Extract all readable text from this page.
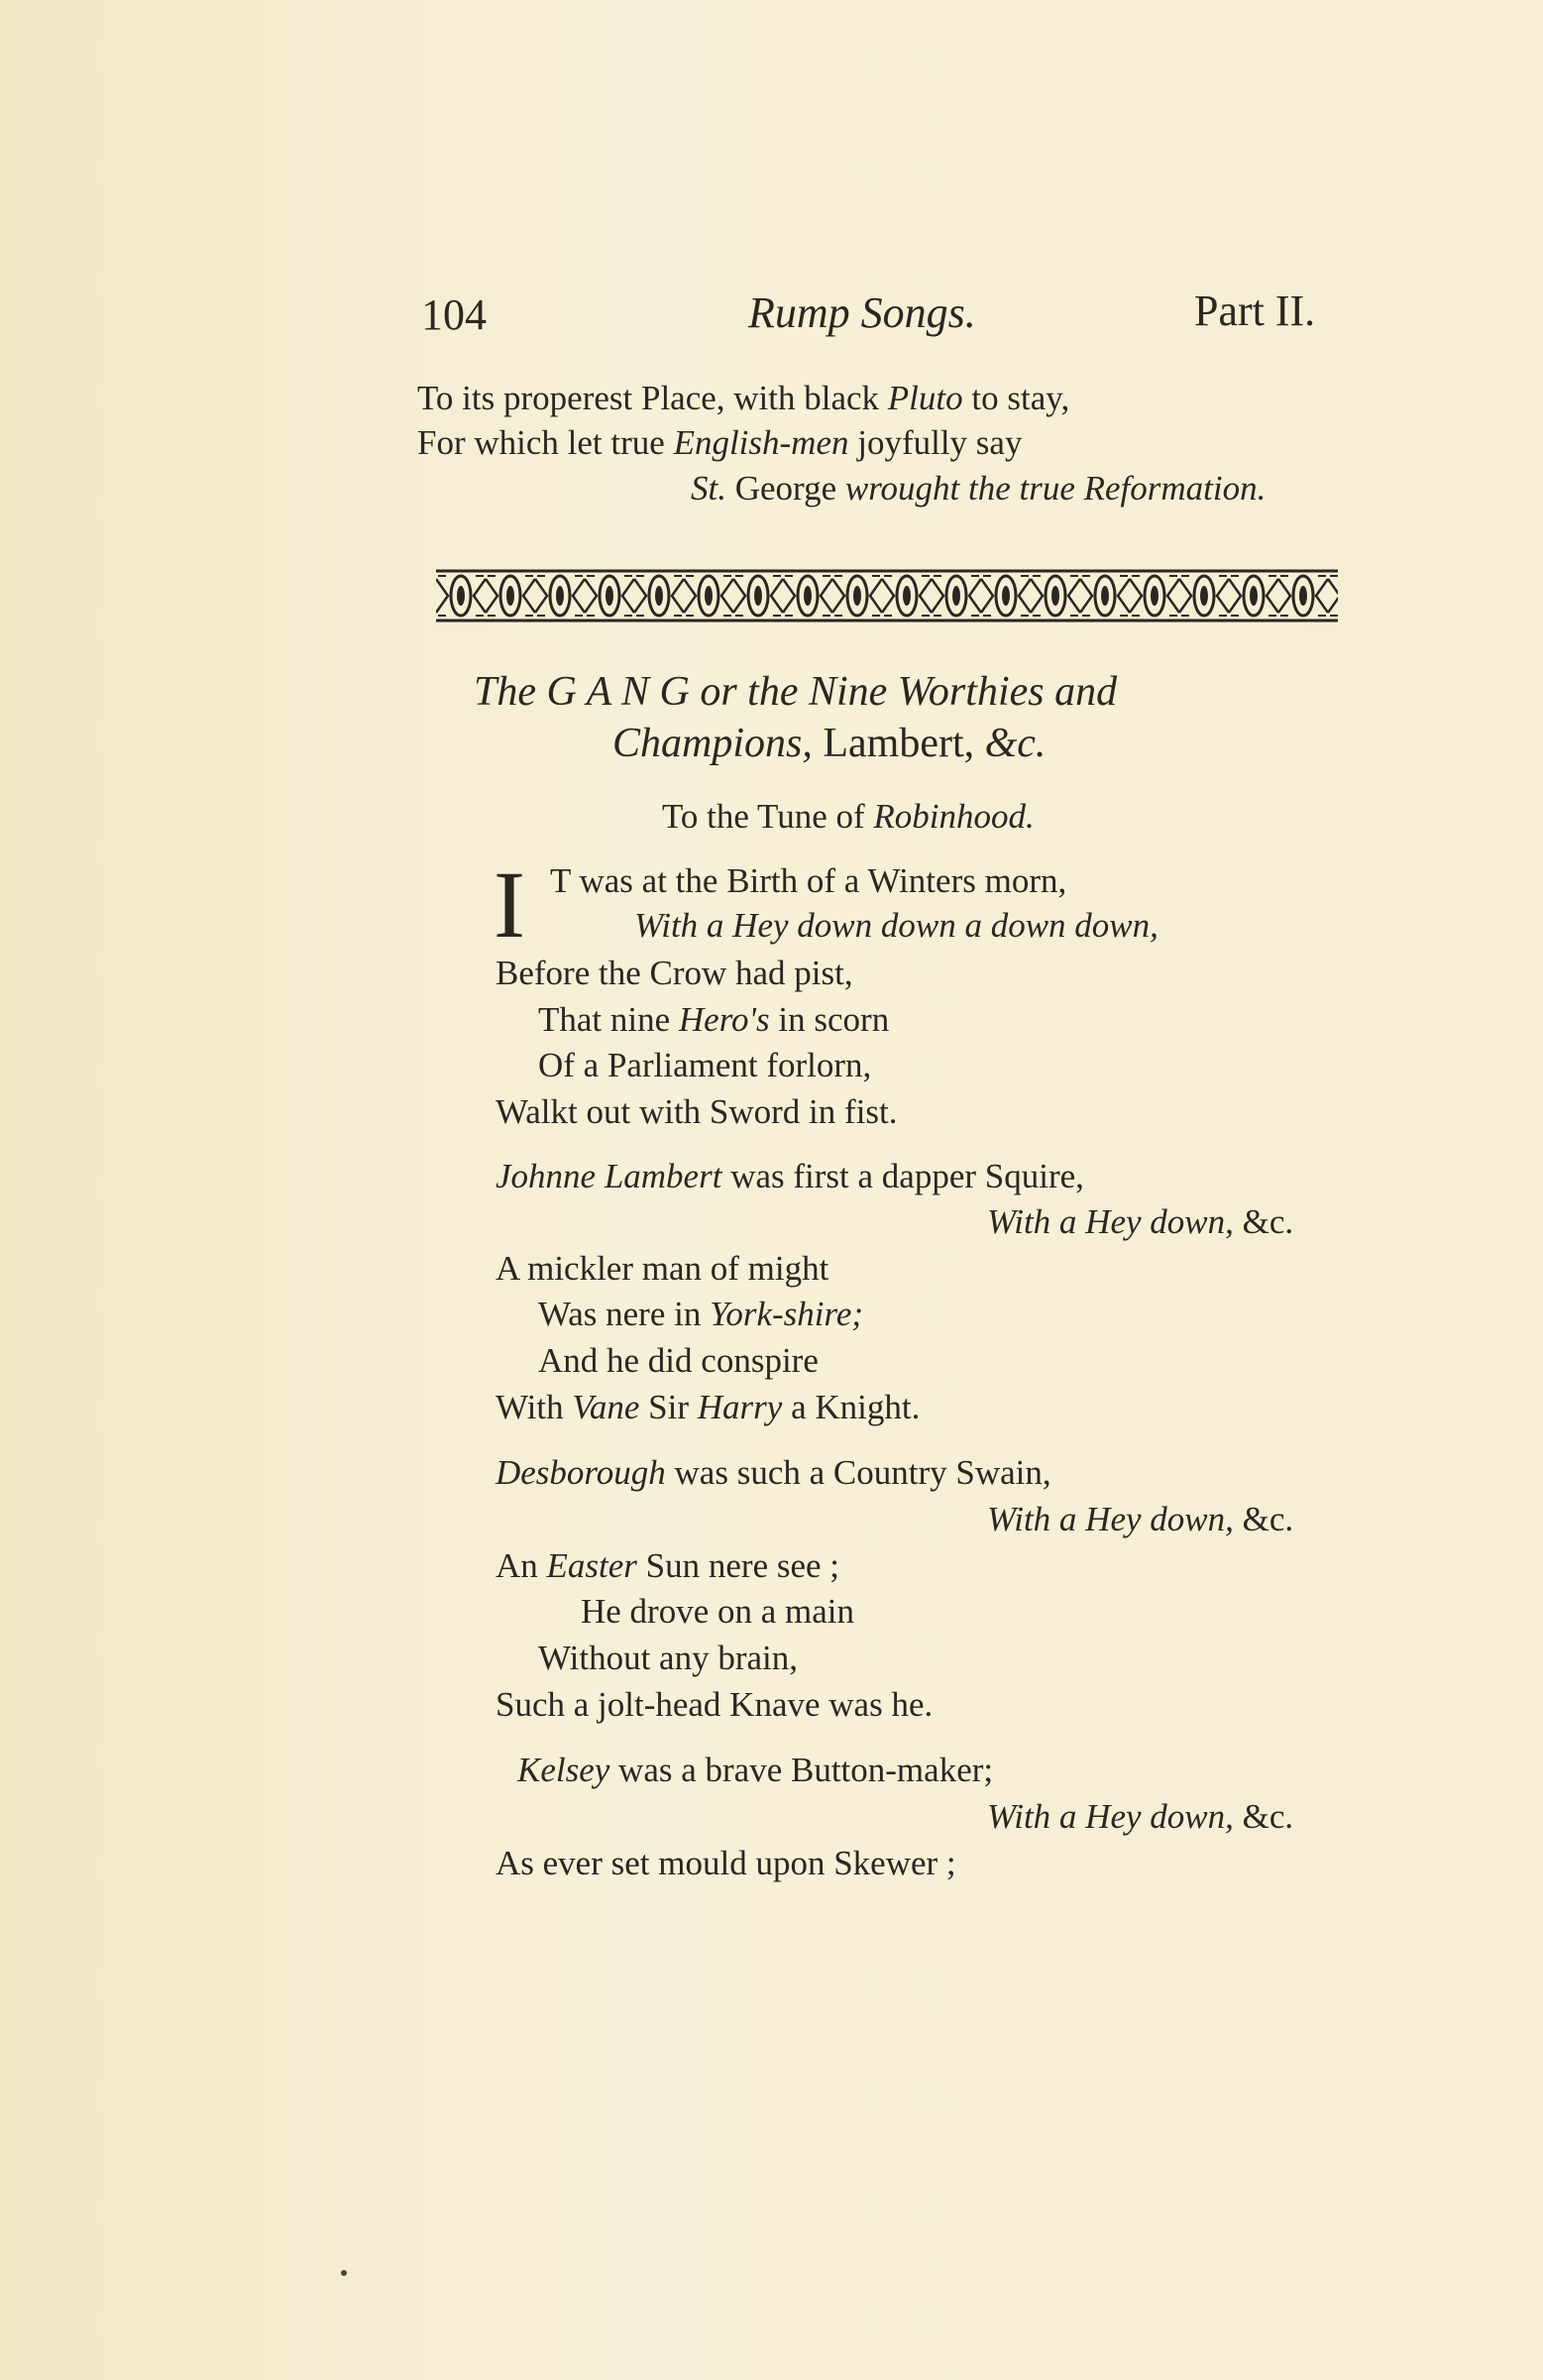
104	Rump Songs.	Part II.
To its properest Place, with black Pluto to stay,
For which let true English-men joyfully say
St. George wrought the true Reformation.
The G A N G or the Nine Worthies and
Champions, Lambert, &c.
To the Tune of Robinhood.
I T was at the Birth of a Winters morn,
With a Hey down down a down down,
Before the Crow had pist,
That nine Hero's in scorn
Of a Parliament forlorn,
Walkt out with Sword in fist.
Johnne Lambert was first a dapper Squire,
With a Hey down, &c.
A mickler man of might
Was nere in York-shire;
And he did conspire
With Vane Sir Harry a Knight.
Desborough was such a Country Swain,
With a Hey down, &c.
An Easter Sun nere see ;
He drove on a main
Without any brain,
Such a jolt-head Knave was he.
Kelsey was a brave Button-maker;
With a Hey down, &c.
As ever set mould upon Skewer ;
